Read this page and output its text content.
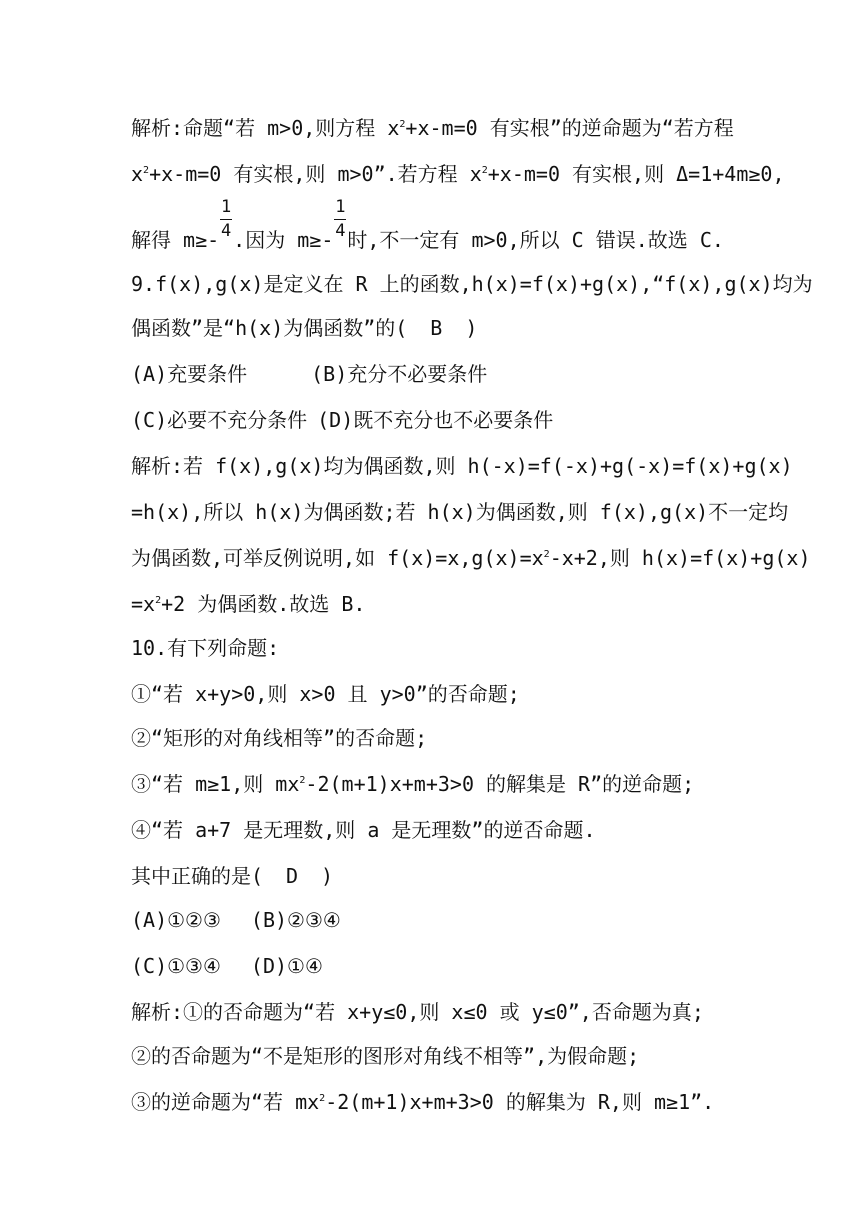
解析:命题“若 m>0,则方程 $x^2+x-m=0$ 有实根”的逆命题为“若方程
$x^2+x-m=0$ 有实根,则 m>0”.若方程 $x^2+x-m=0$ 有实根,则 Δ=1+4m≥0,
解得 $m\ge- \frac{1}{4}$ .因为 $m\ge- \frac{1}{4}$ 时,不一定有 m>0,所以 C 错误.故选 C.
9.f(x),g(x)是定义在 R 上的函数,h(x)=f(x)+g(x),“f(x),g(x)均为
偶函数”是“h(x)为偶函数”的( B )
(A)充要条件	(B)充分不必要条件
(C)必要不充分条件 (D)既不充分也不必要条件
解析:若 f(x),g(x)均为偶函数,则 h(-x)=f(-x)+g(-x)=f(x)+g(x)
=h(x),所以 h(x)为偶函数;若 h(x)为偶函数,则 f(x),g(x)不一定均
为偶函数,可举反例说明,如 $f(x)=x,g(x)=x^2-x+2$,则 h(x)=f(x)+g(x)
$=x^2+2$ 为偶函数.故选 B.
10.有下列命题:
①“若 x+y>0,则 x>0 且 y>0”的否命题;
②“矩形的对角线相等”的否命题;
③“若 m≥1,则 $mx^2-2(m+1)x+m+3>0$ 的解集是 R”的逆命题;
④“若 a+7 是无理数,则 a 是无理数”的逆否命题.
其中正确的是( D )
(A)①②③ (B)②③④
(C)①③④ (D)①④
解析:①的否命题为“若 x+y≤0,则 x≤0 或 y≤0”,否命题为真;
②的否命题为“不是矩形的图形对角线不相等”,为假命题;
③的逆命题为“若 $mx^2-2(m+1)x+m+3>0$ 的解集为 R,则 m≥1”.
